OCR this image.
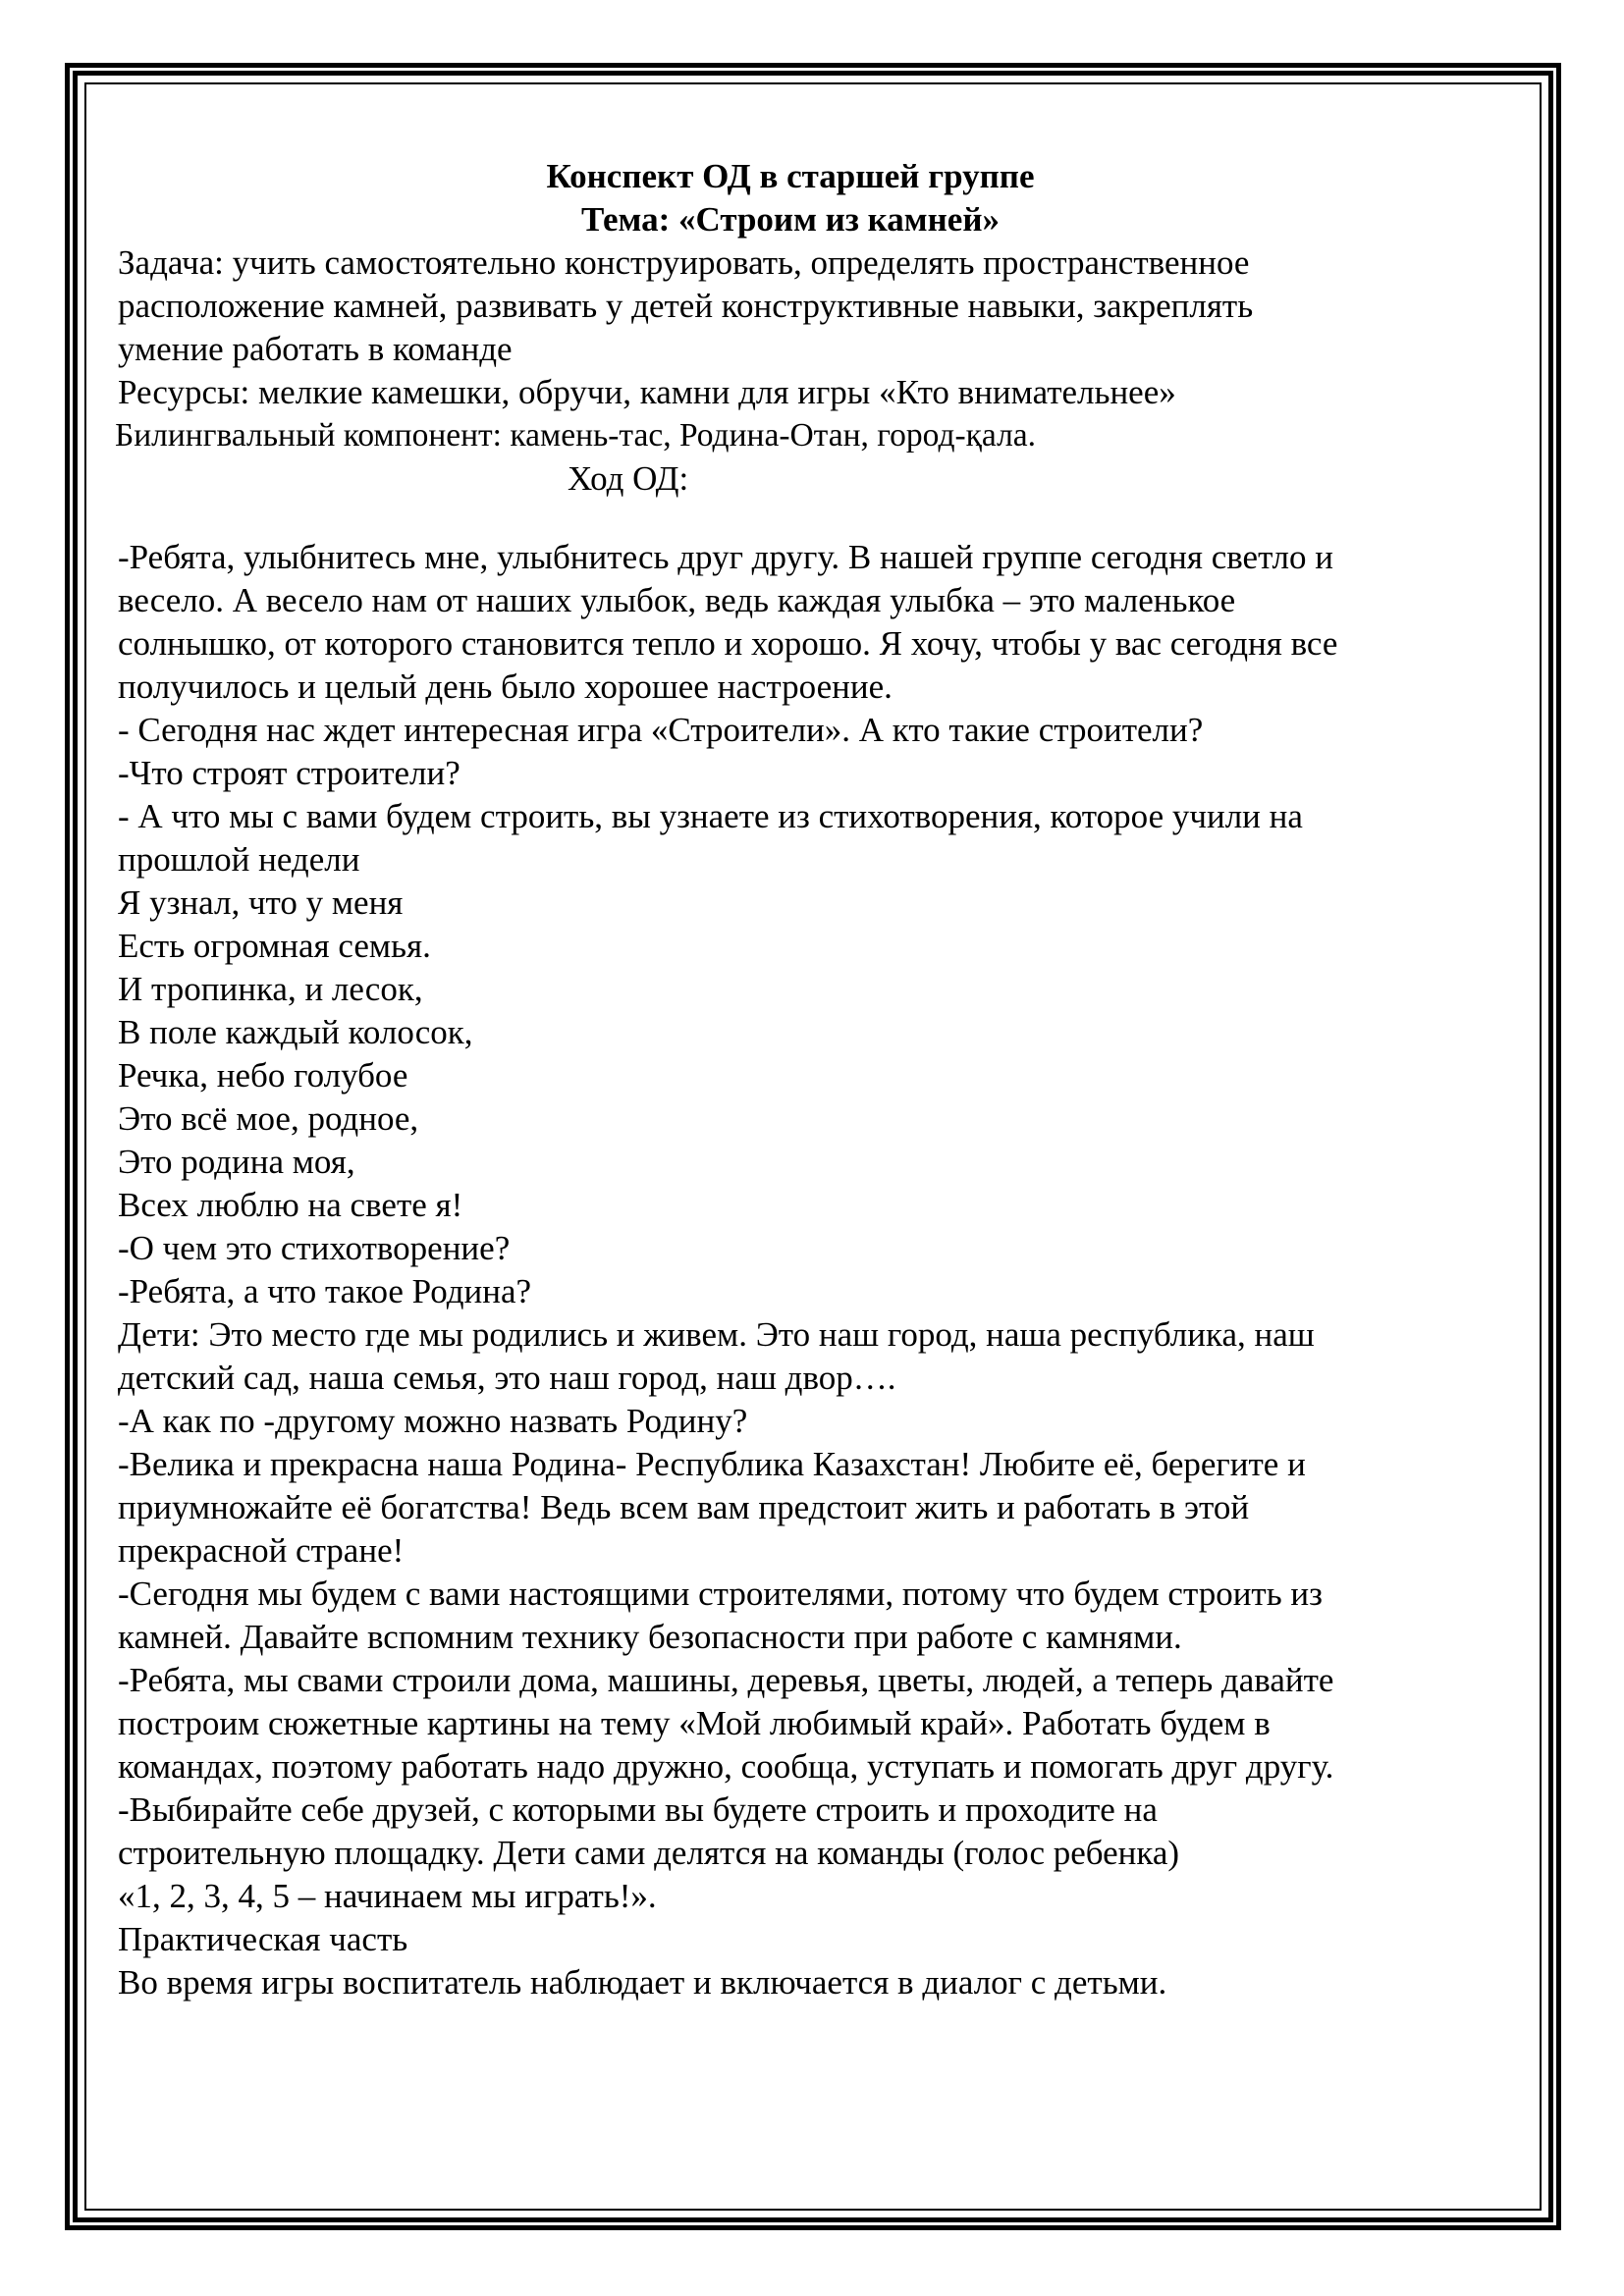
Конспект ОД в старшей группе
Тема: «Строим из камней»
Задача: учить самостоятельно конструировать, определять пространственное
расположение камней, развивать у детей конструктивные навыки, закреплять
умение работать в команде
Ресурсы: мелкие камешки, обручи, камни для игры «Кто внимательнее»
Билингвальный компонент: камень-тас, Родина-Отан, город-қала.
Ход ОД:
-Ребята, улыбнитесь мне, улыбнитесь друг другу. В нашей группе сегодня светло и
весело. А весело нам от наших улыбок, ведь каждая улыбка – это маленькое
солнышко, от которого становится тепло и хорошо. Я хочу, чтобы у вас сегодня все
получилось и целый день было хорошее настроение.
- Сегодня нас ждет интересная игра «Строители». А кто такие строители?
-Что строят строители?
- А что мы с вами будем строить, вы узнаете из стихотворения, которое учили на
прошлой недели
Я узнал, что у меня
Есть огромная семья.
И тропинка, и лесок,
В поле каждый колосок,
Речка, небо голубое
Это всё мое, родное,
Это родина моя,
Всех люблю на свете я!
-О чем это стихотворение?
-Ребята, а что такое Родина?
Дети: Это место где мы родились и живем. Это наш город, наша республика, наш
детский сад, наша семья, это наш город, наш двор….
-А как по -другому можно назвать Родину?
-Велика и прекрасна наша Родина- Республика Казахстан! Любите её, берегите и
приумножайте её богатства! Ведь всем вам предстоит жить и работать в этой
прекрасной стране!
-Сегодня мы будем с вами настоящими строителями, потому что будем строить из
камней. Давайте вспомним технику безопасности при работе с камнями.
-Ребята, мы свами строили дома, машины, деревья, цветы, людей, а теперь давайте
построим сюжетные картины на тему «Мой любимый край». Работать будем в
командах, поэтому работать надо дружно, сообща, уступать и помогать друг другу.
-Выбирайте себе друзей, с которыми вы будете строить и проходите на
строительную площадку. Дети сами делятся на команды (голос ребенка)
«1, 2, 3, 4, 5 – начинаем мы играть!».
Практическая часть
Во время игры воспитатель наблюдает и включается в диалог с детьми.
